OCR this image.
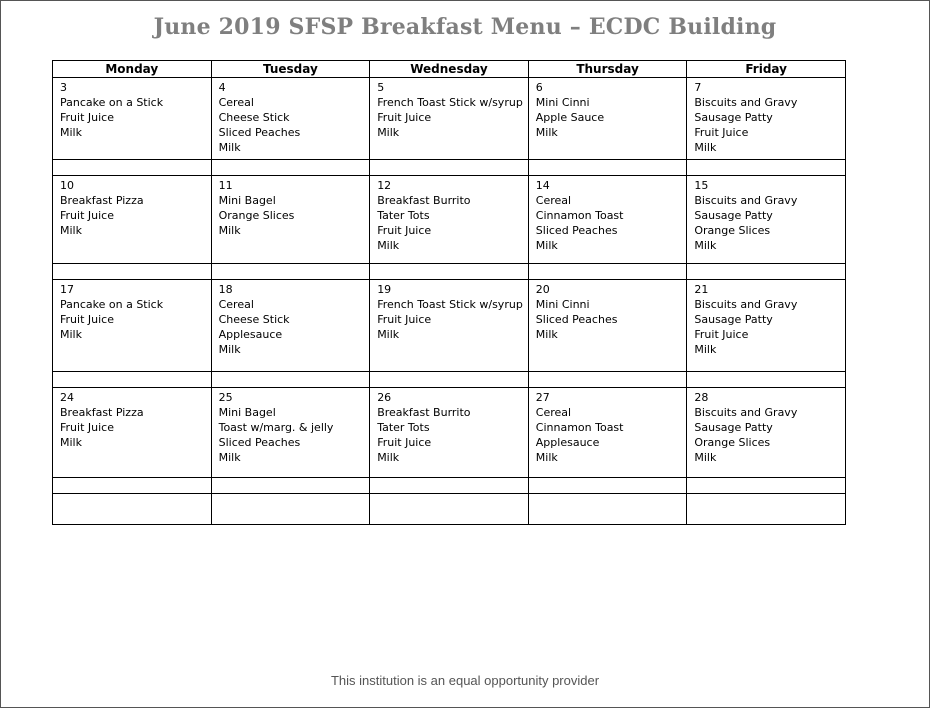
June 2019 SFSP Breakfast Menu – ECDC Building
Monday	Tuesday	Wednesday	Thursday	Friday

3
Pancake on a Stick
Fruit Juice
Milk	4
Cereal
Cheese Stick
Sliced Peaches
Milk	5
French Toast Stick w/syrup
Fruit Juice
Milk	6
Mini Cinni
Apple Sauce
Milk	7
Biscuits and Gravy
Sausage Patty
Fruit Juice
Milk

10
Breakfast Pizza
Fruit Juice
Milk	11
Mini Bagel
Orange Slices
Milk	12
Breakfast Burrito
Tater Tots
Fruit Juice
Milk	14
Cereal
Cinnamon Toast
Sliced Peaches
Milk	15
Biscuits and Gravy
Sausage Patty
Orange Slices
Milk

17
Pancake on a Stick
Fruit Juice
Milk	18
Cereal
Cheese Stick
Applesauce
Milk	19
French Toast Stick w/syrup
Fruit Juice
Milk	20
Mini Cinni
Sliced Peaches
Milk	21
Biscuits and Gravy
Sausage Patty
Fruit Juice
Milk

24
Breakfast Pizza
Fruit Juice
Milk	25
Mini Bagel
Toast w/marg. & jelly
Sliced Peaches
Milk	26
Breakfast Burrito
Tater Tots
Fruit Juice
Milk	27
Cereal
Cinnamon Toast
Applesauce
Milk	28
Biscuits and Gravy
Sausage Patty
Orange Slices
Milk

This institution is an equal opportunity provider
